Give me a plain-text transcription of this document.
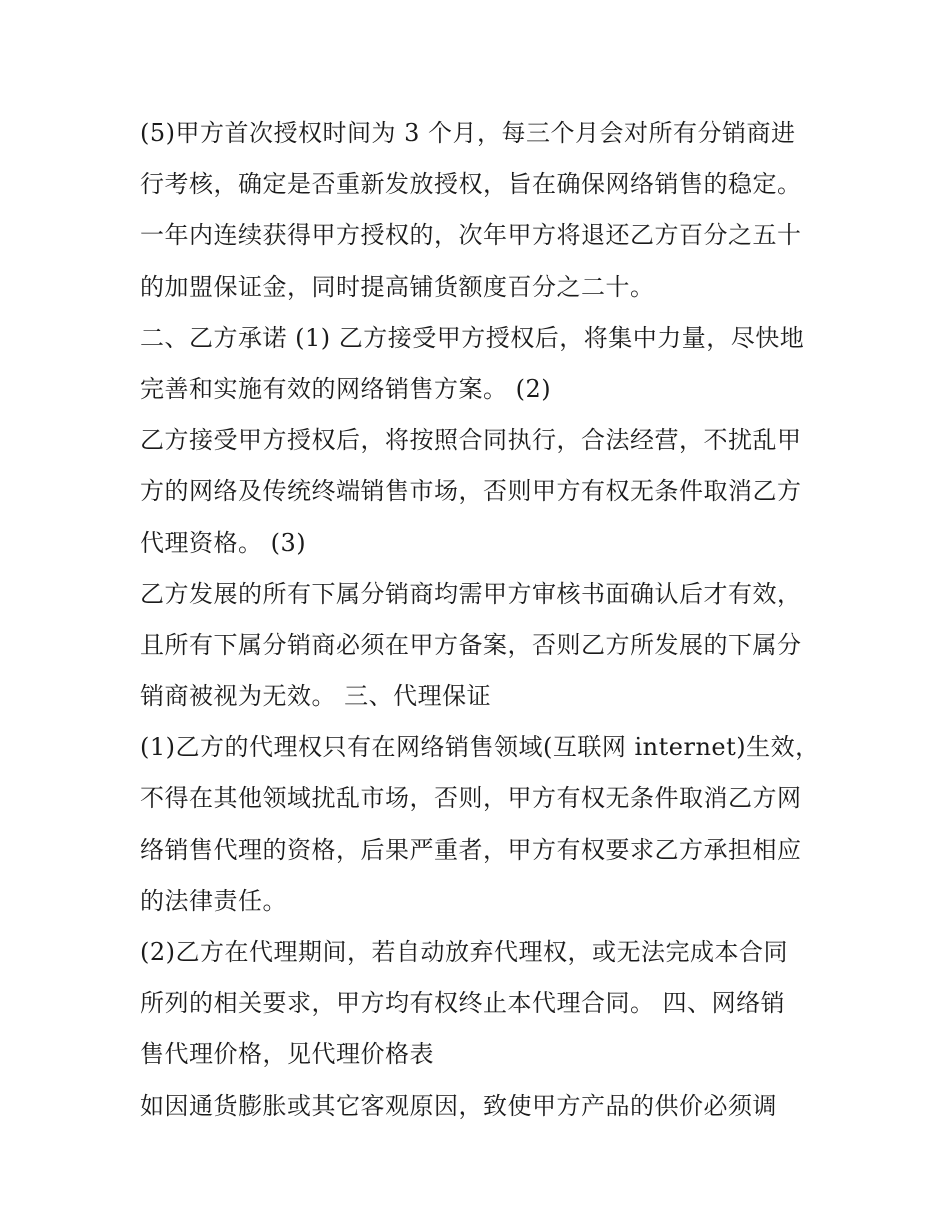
(5)甲方首次授权时间为 3 个月，每三个月会对所有分销商进
行考核，确定是否重新发放授权，旨在确保网络销售的稳定。
一年内连续获得甲方授权的，次年甲方将退还乙方百分之五十
的加盟保证金，同时提高铺货额度百分之二十。
二、乙方承诺 (1) 乙方接受甲方授权后，将集中力量，尽快地
完善和实施有效的网络销售方案。 (2)
乙方接受甲方授权后，将按照合同执行，合法经营，不扰乱甲
方的网络及传统终端销售市场，否则甲方有权无条件取消乙方
代理资格。 (3)
乙方发展的所有下属分销商均需甲方审核书面确认后才有效，
且所有下属分销商必须在甲方备案，否则乙方所发展的下属分
销商被视为无效。 三、代理保证
(1)乙方的代理权只有在网络销售领域(互联网 internet)生效，
不得在其他领域扰乱市场，否则，甲方有权无条件取消乙方网
络销售代理的资格，后果严重者，甲方有权要求乙方承担相应
的法律责任。
(2)乙方在代理期间，若自动放弃代理权，或无法完成本合同
所列的相关要求，甲方均有权终止本代理合同。 四、网络销
售代理价格，见代理价格表
如因通货膨胀或其它客观原因，致使甲方产品的供价必须调
